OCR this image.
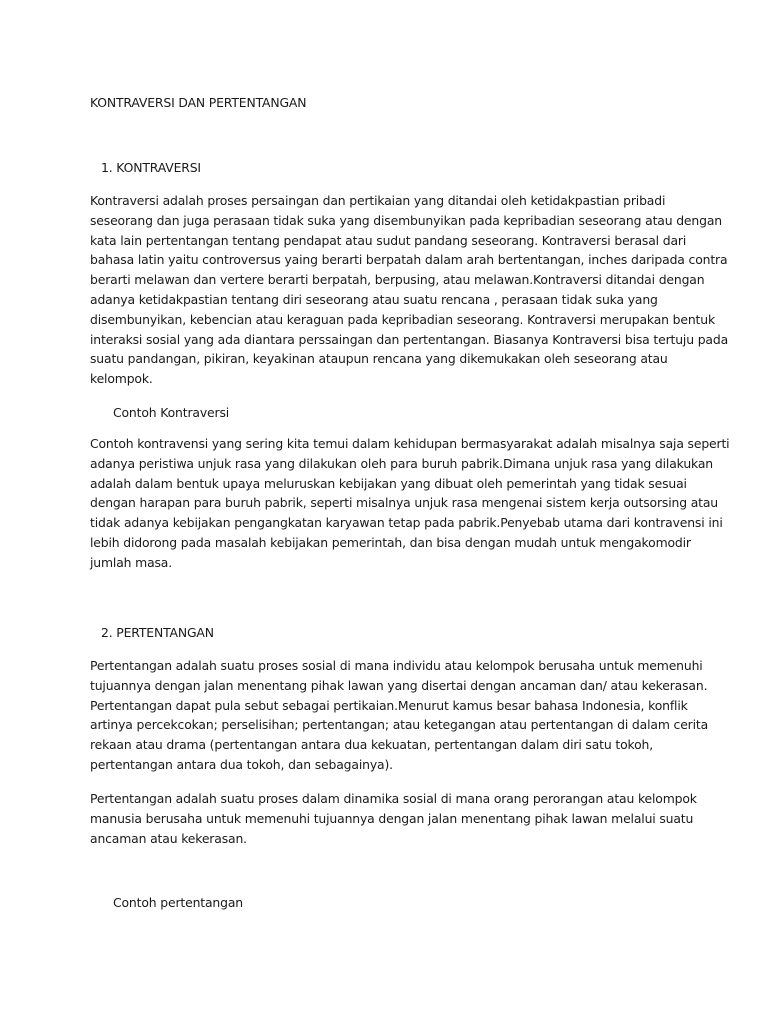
KONTRAVERSI DAN PERTENTANGAN
1. KONTRAVERSI
Kontraversi adalah proses persaingan dan pertikaian yang ditandai oleh ketidakpastian pribadi
seseorang dan juga perasaan tidak suka yang disembunyikan pada kepribadian seseorang atau dengan
kata lain pertentangan tentang pendapat atau sudut pandang seseorang. Kontraversi berasal dari
bahasa latin yaitu controversus yaing berarti berpatah dalam arah bertentangan, inches daripada contra
berarti melawan dan vertere berarti berpatah, berpusing, atau melawan.Kontraversi ditandai dengan
adanya ketidakpastian tentang diri seseorang atau suatu rencana , perasaan tidak suka yang
disembunyikan, kebencian atau keraguan pada kepribadian seseorang. Kontraversi merupakan bentuk
interaksi sosial yang ada diantara perssaingan dan pertentangan. Biasanya Kontraversi bisa tertuju pada
suatu pandangan, pikiran, keyakinan ataupun rencana yang dikemukakan oleh seseorang atau
kelompok.
Contoh Kontraversi
Contoh kontravensi yang sering kita temui dalam kehidupan bermasyarakat adalah misalnya saja seperti
adanya peristiwa unjuk rasa yang dilakukan oleh para buruh pabrik.Dimana unjuk rasa yang dilakukan
adalah dalam bentuk upaya meluruskan kebijakan yang dibuat oleh pemerintah yang tidak sesuai
dengan harapan para buruh pabrik, seperti misalnya unjuk rasa mengenai sistem kerja outsorsing atau
tidak adanya kebijakan pengangkatan karyawan tetap pada pabrik.Penyebab utama dari kontravensi ini
lebih didorong pada masalah kebijakan pemerintah, dan bisa dengan mudah untuk mengakomodir
jumlah masa.
2. PERTENTANGAN
Pertentangan adalah suatu proses sosial di mana individu atau kelompok berusaha untuk memenuhi
tujuannya dengan jalan menentang pihak lawan yang disertai dengan ancaman dan/ atau kekerasan.
Pertentangan dapat pula sebut sebagai pertikaian.Menurut kamus besar bahasa Indonesia, konflik
artinya percekcokan; perselisihan; pertentangan; atau ketegangan atau pertentangan di dalam cerita
rekaan atau drama (pertentangan antara dua kekuatan, pertentangan dalam diri satu tokoh,
pertentangan antara dua tokoh, dan sebagainya).
Pertentangan adalah suatu proses dalam dinamika sosial di mana orang perorangan atau kelompok
manusia berusaha untuk memenuhi tujuannya dengan jalan menentang pihak lawan melalui suatu
ancaman atau kekerasan.
Contoh pertentangan
